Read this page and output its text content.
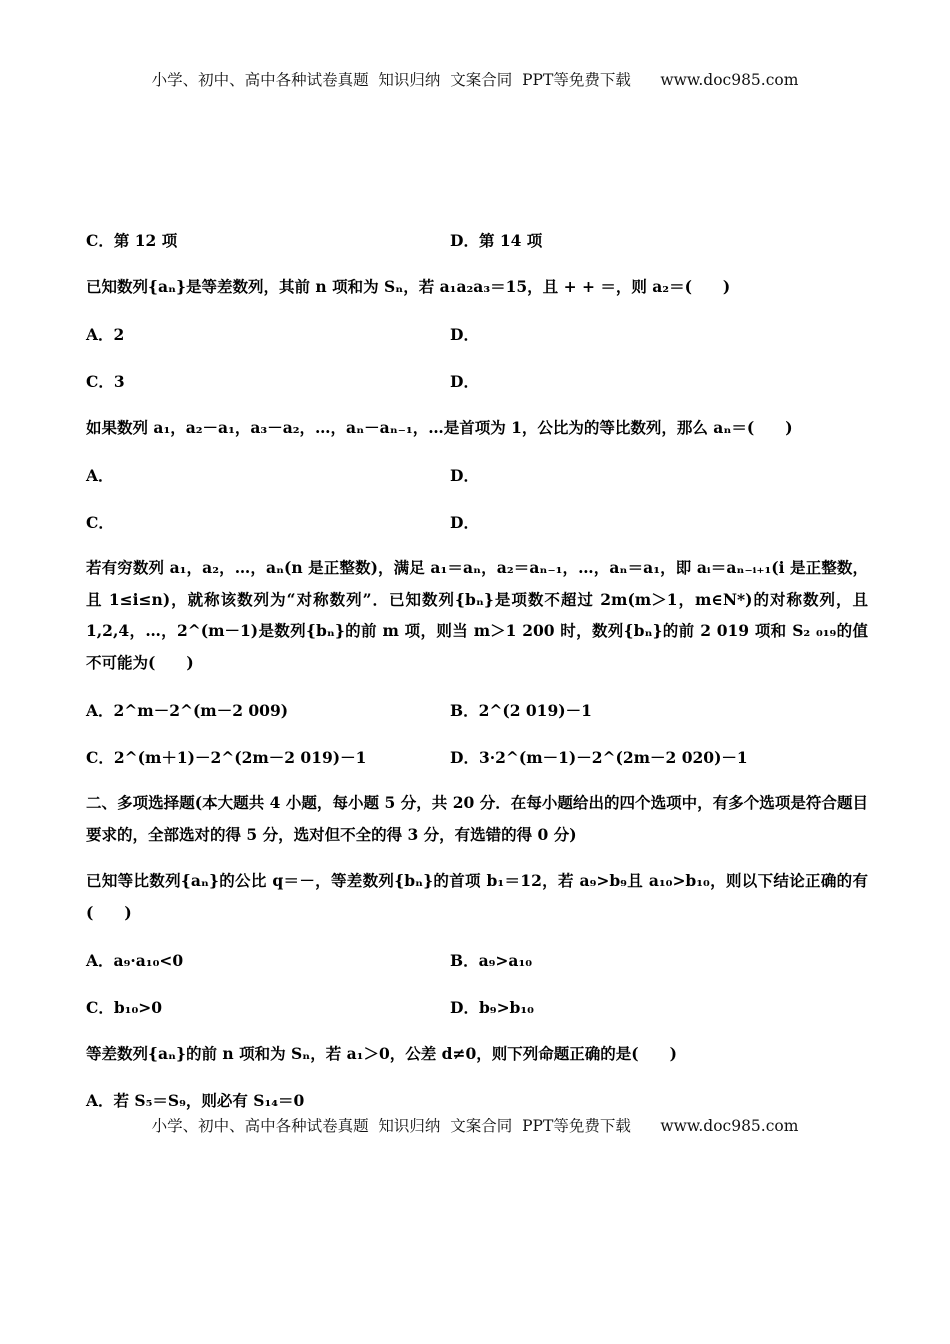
小学、初中、高中各种试卷真题  知识归纳  文案合同  PPT等免费下载      www.doc985.com
C．第 12 项	D．第 14 项
已知数列{aₙ}是等差数列，其前 n 项和为 Sₙ，若 a₁a₂a₃＝15，且 + + ＝，则 a₂＝(　　)
A．2	D．
C．3	D．
如果数列 a₁，a₂－a₁，a₃－a₂，…，aₙ－aₙ₋₁，…是首项为 1，公比为的等比数列，那么 aₙ＝(　　)
A．	D．
C．	D．
若有穷数列 a₁，a₂，…，aₙ(n 是正整数)，满足 a₁＝aₙ，a₂＝aₙ₋₁，…，aₙ＝a₁，即 aᵢ＝aₙ₋ᵢ₊₁(i 是正整数，且 1≤i≤n)，就称该数列为“对称数列”．已知数列{bₙ}是项数不超过 2m(m＞1，m∈N*)的对称数列，且 1,2,4，…，2^(m－1)是数列{bₙ}的前 m 项，则当 m＞1 200 时，数列{bₙ}的前 2 019 项和 S₂ ₀₁₉的值不可能为(　　)
A．2^m－2^(m－2 009)	B．2^(2 019)－1
C．2^(m＋1)－2^(2m－2 019)－1	D．3·2^(m－1)－2^(2m－2 020)－1
二、多项选择题(本大题共 4 小题，每小题 5 分，共 20 分．在每小题给出的四个选项中，有多个选项是符合题目要求的，全部选对的得 5 分，选对但不全的得 3 分，有选错的得 0 分)
已知等比数列{aₙ}的公比 q＝－，等差数列{bₙ}的首项 b₁＝12，若 a₉>b₉且 a₁₀>b₁₀，则以下结论正确的有(　　)
A．a₉·a₁₀<0	B．a₉>a₁₀
C．b₁₀>0	D．b₉>b₁₀
等差数列{aₙ}的前 n 项和为 Sₙ，若 a₁＞0，公差 d≠0，则下列命题正确的是(　　)
A．若 S₅＝S₉，则必有 S₁₄＝0
小学、初中、高中各种试卷真题  知识归纳  文案合同  PPT等免费下载      www.doc985.com
